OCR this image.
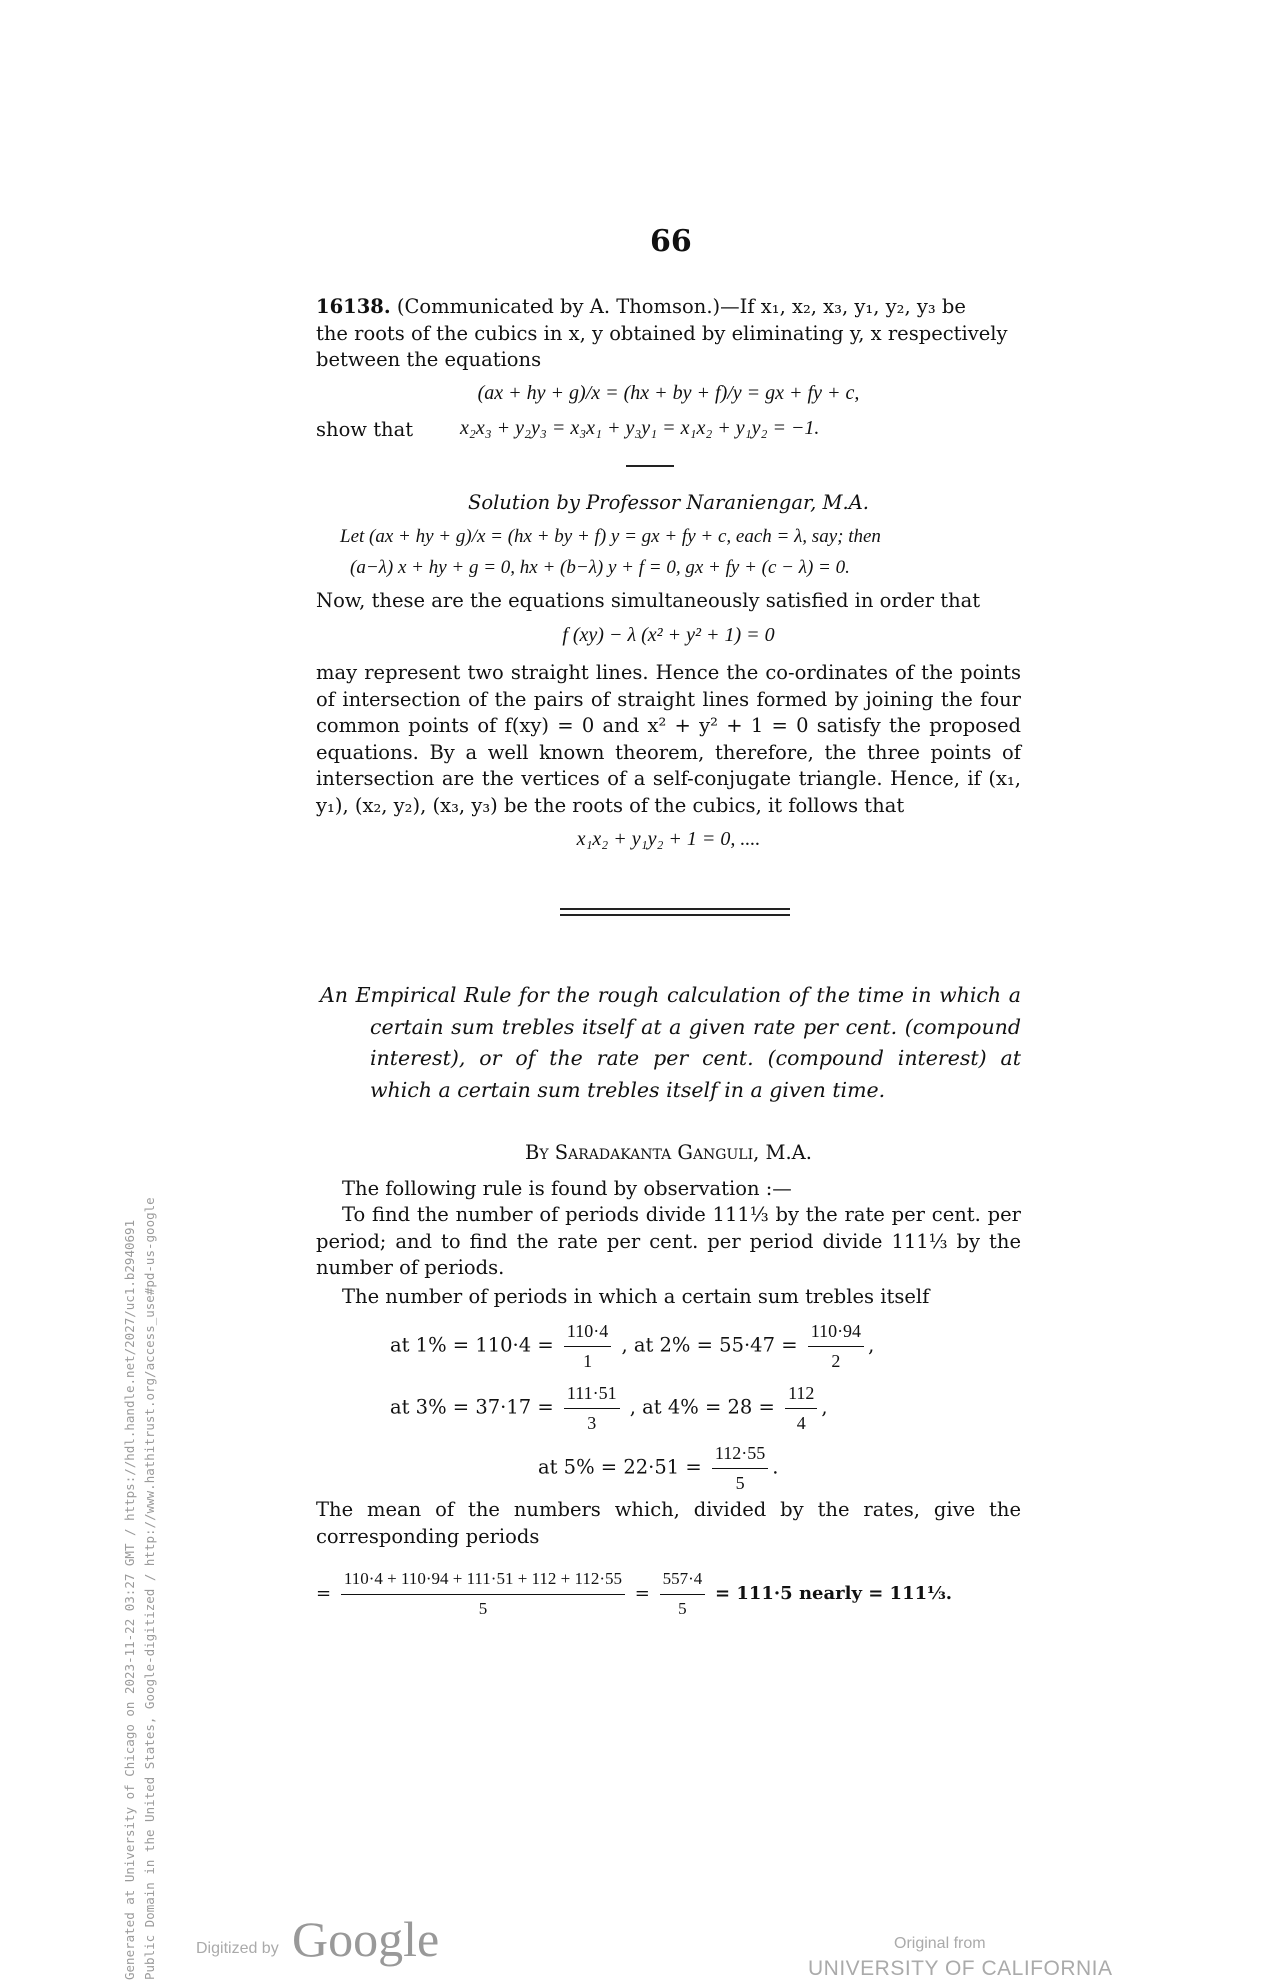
Generated at University of Chicago on 2023-11-22 03:27 GMT / https://hdl.handle.net/2027/uc1.b2940691 Public Domain in the United States, Google-digitized / http://www.hathitrust.org/access_use#pd-us-google
66
16138. (Communicated by A. Thomson.)—If x₁, x₂, x₃, y₁, y₂, y₃ be
the roots of the cubics in x, y obtained by eliminating y, x respectively
between the equations
(ax + hy + g)/x = (hx + by + f)/y = gx + fy + c,
show that x₂x₃ + y₂y₃ = x₃x₁ + y₃y₁ = x₁x₂ + y₁y₂ = −1.
Solution by Professor Naraniengar, M.A.
Let (ax + hy + g)/x = (hx + by + f) y = gx + fy + c, each = λ, say; then
(a−λ) x + hy + g = 0, hx + (b−λ) y + f = 0, gx + fy + (c − λ) = 0.
Now, these are the equations simultaneously satisfied in order that
f (xy) − λ (x² + y² + 1) = 0
may represent two straight lines. Hence the co-ordinates of the points of intersection of the pairs of straight lines formed by joining the four common points of f(xy) = 0 and x² + y² + 1 = 0 satisfy the proposed equations. By a well known theorem, therefore, the three points of intersection are the vertices of a self-conjugate triangle. Hence, if (x₁, y₁), (x₂, y₂), (x₃, y₃) be the roots of the cubics, it follows that
x₁x₂ + y₁y₂ + 1 = 0, ....
An Empirical Rule for the rough calculation of the time in which a certain sum trebles itself at a given rate per cent. (compound interest), or of the rate per cent. (compound interest) at which a certain sum trebles itself in a given time.
By Saradakanta Ganguli, M.A.
The following rule is found by observation :—
To find the number of periods divide 111⅓ by the rate per cent. per period; and to find the rate per cent. per period divide 111⅓ by the number of periods.
The number of periods in which a certain sum trebles itself
at $1\% = 110\cdot 4 = \frac{110\cdot 4}{1}$ , at $2\% = 55\cdot 47 = \frac{110\cdot 94}{2}$ ,
at $3\% = 37\cdot 17 = \frac{111\cdot 51}{3}$ , at $4\% = 28 = \frac{112}{4}$ ,
at $5\% = 22\cdot 51 = \frac{112\cdot 55}{5}$ .
The mean of the numbers which, divided by the rates, give the corresponding periods
= $\frac{110\cdot 4 + 110\cdot 94 + 111\cdot 51 + 112 + 112\cdot 55}{5} = \frac{557\cdot 4}{5} = 111\cdot 5$ nearly = 111⅓.
Digitized by Google	Original from
UNIVERSITY OF CALIFORNIA
